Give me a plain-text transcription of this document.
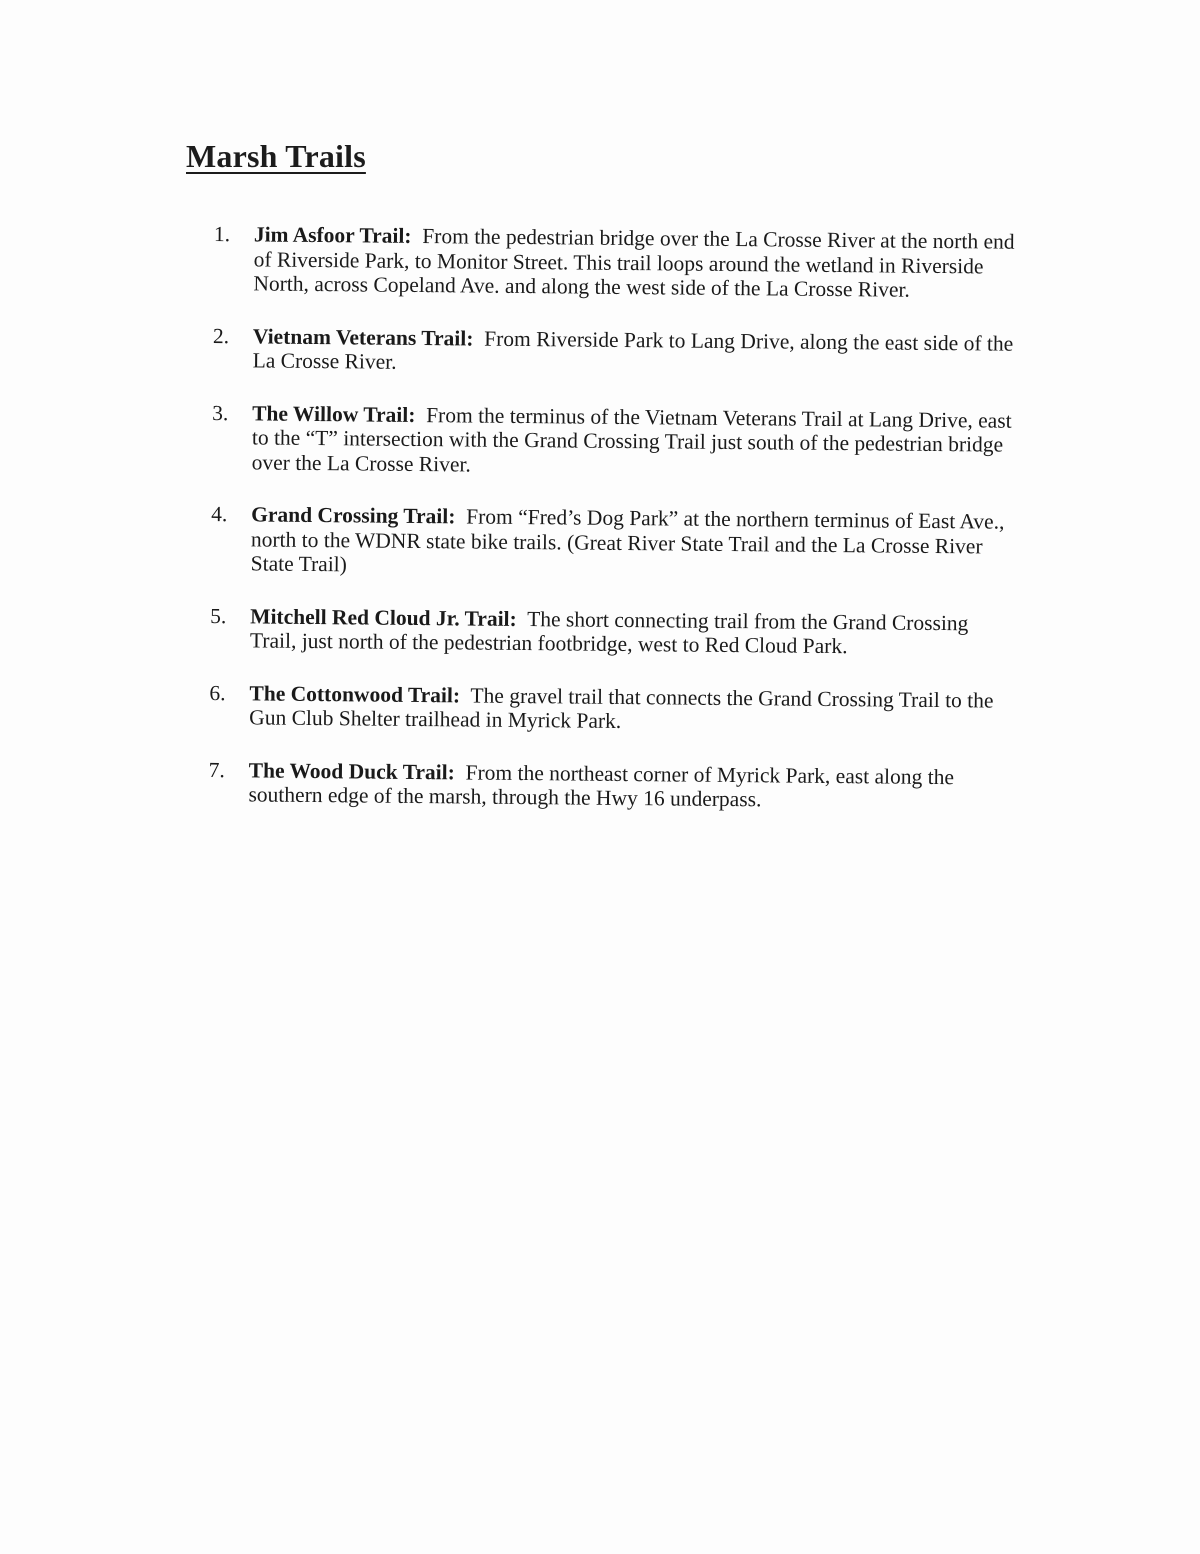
Marsh Trails
1. Jim Asfoor Trail: From the pedestrian bridge over the La Crosse River at the north end of Riverside Park, to Monitor Street. This trail loops around the wetland in Riverside North, across Copeland Ave. and along the west side of the La Crosse River.
2. Vietnam Veterans Trail: From Riverside Park to Lang Drive, along the east side of the La Crosse River.
3. The Willow Trail: From the terminus of the Vietnam Veterans Trail at Lang Drive, east to the “T” intersection with the Grand Crossing Trail just south of the pedestrian bridge over the La Crosse River.
4. Grand Crossing Trail: From “Fred’s Dog Park” at the northern terminus of East Ave., north to the WDNR state bike trails. (Great River State Trail and the La Crosse River State Trail)
5. Mitchell Red Cloud Jr. Trail: The short connecting trail from the Grand Crossing Trail, just north of the pedestrian footbridge, west to Red Cloud Park.
6. The Cottonwood Trail: The gravel trail that connects the Grand Crossing Trail to the Gun Club Shelter trailhead in Myrick Park.
7. The Wood Duck Trail: From the northeast corner of Myrick Park, east along the southern edge of the marsh, through the Hwy 16 underpass.
